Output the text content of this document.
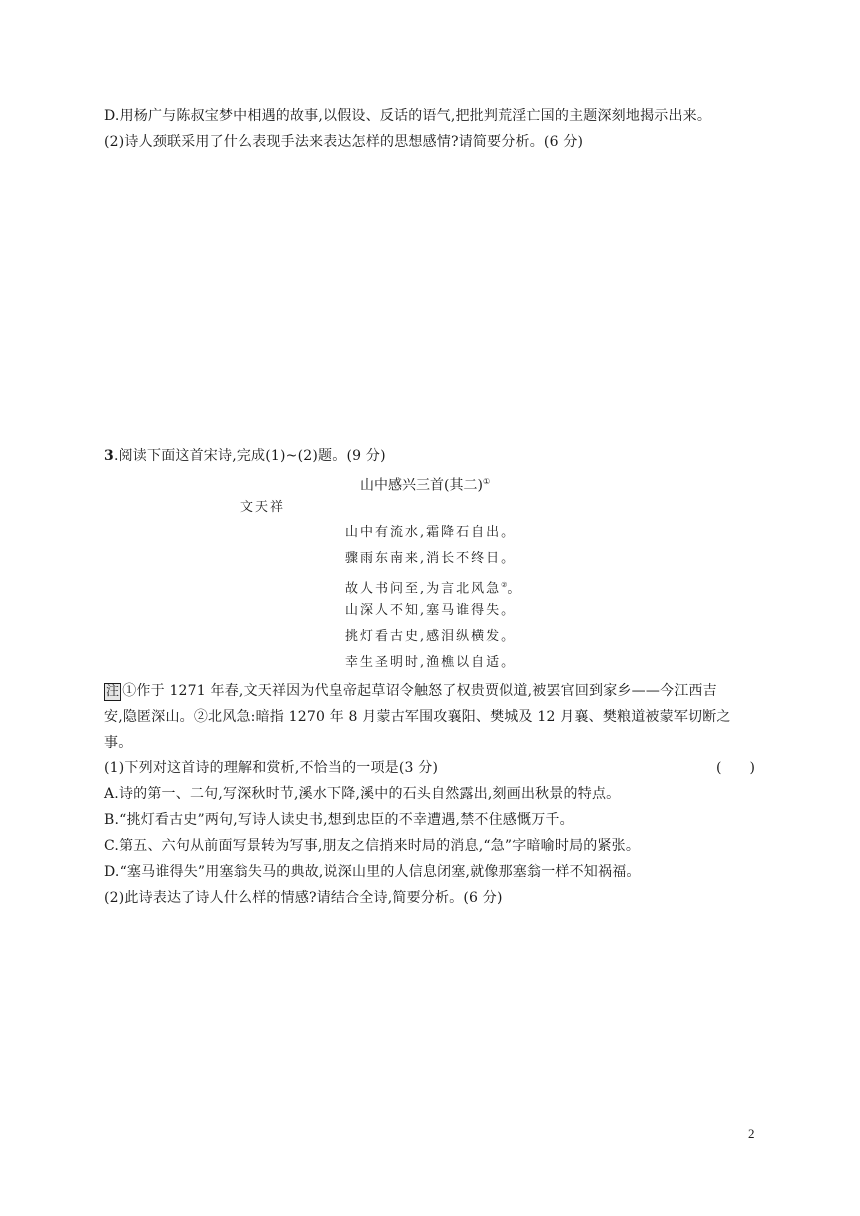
D.用杨广与陈叔宝梦中相遇的故事,以假设、反话的语气,把批判荒淫亡国的主题深刻地揭示出来。
(2)诗人颈联采用了什么表现手法来表达怎样的思想感情?请简要分析。(6 分)
3.阅读下面这首宋诗,完成(1)~(2)题。(9 分)
山中感兴三首(其二)①
文天祥
山中有流水,霜降石自出。
骤雨东南来,消长不终日。
故人书问至,为言北风急②。
山深人不知,塞马谁得失。
挑灯看古史,感泪纵横发。
幸生圣明时,渔樵以自适。
注 ①作于 1271 年春,文天祥因为代皇帝起草诏令触怒了权贵贾似道,被罢官回到家乡——今江西吉
安,隐匿深山。②北风急:暗指 1270 年 8 月蒙古军围攻襄阳、樊城及 12 月襄、樊粮道被蒙军切断之
事。
(1)下列对这首诗的理解和赏析,不恰当的一项是(3 分)	(　　)
A.诗的第一、二句,写深秋时节,溪水下降,溪中的石头自然露出,刻画出秋景的特点。
B.“挑灯看古史”两句,写诗人读史书,想到忠臣的不幸遭遇,禁不住感慨万千。
C.第五、六句从前面写景转为写事,朋友之信捎来时局的消息,“急”字暗喻时局的紧张。
D.“塞马谁得失”用塞翁失马的典故,说深山里的人信息闭塞,就像那塞翁一样不知祸福。
(2)此诗表达了诗人什么样的情感?请结合全诗,简要分析。(6 分)
2
